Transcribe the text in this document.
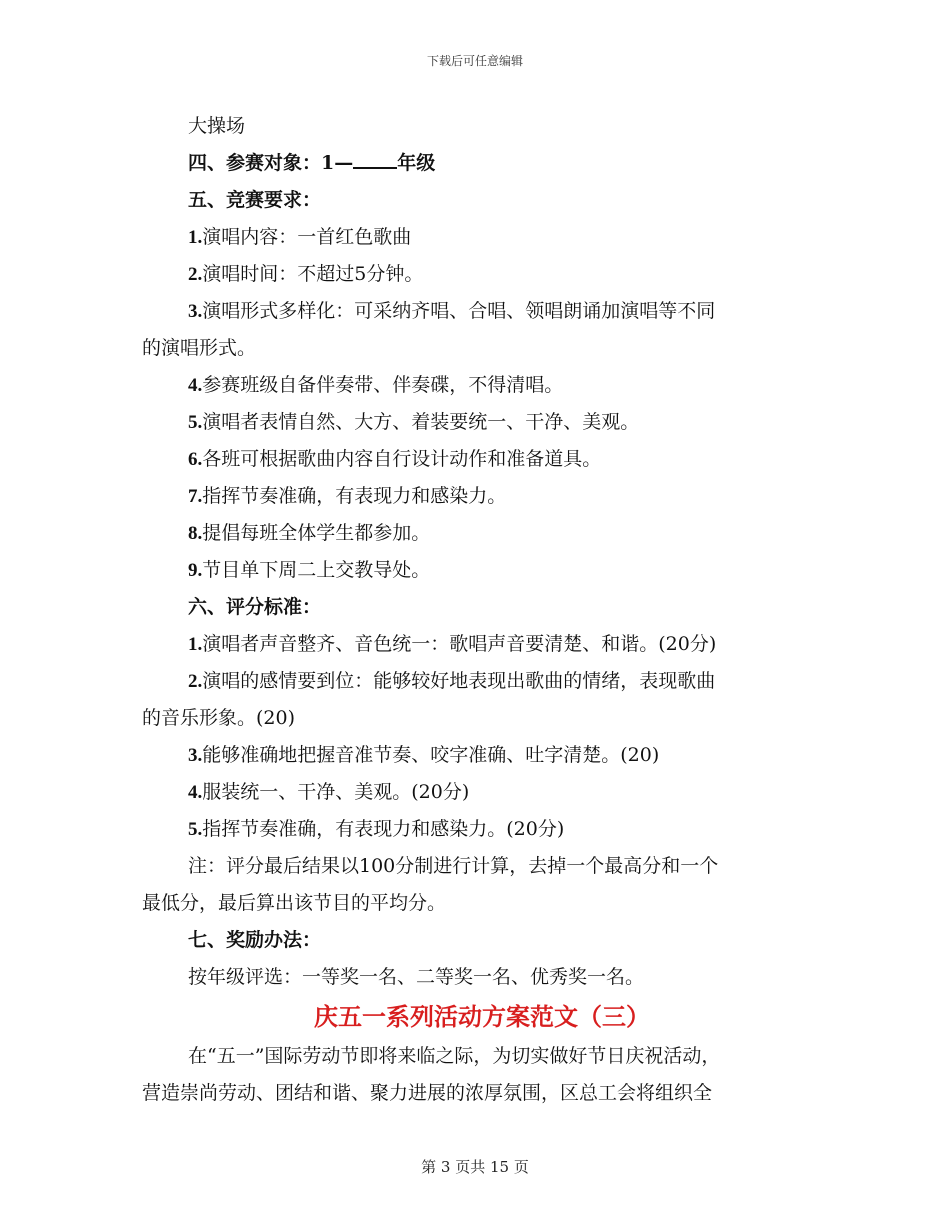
下载后可任意编辑
大操场
四、参赛对象：1— 年级
五、竞赛要求：
1.演唱内容：一首红色歌曲
2.演唱时间：不超过5分钟。
3.演唱形式多样化：可采纳齐唱、合唱、领唱朗诵加演唱等不同
的演唱形式。
4.参赛班级自备伴奏带、伴奏碟，不得清唱。
5.演唱者表情自然、大方、着装要统一、干净、美观。
6.各班可根据歌曲内容自行设计动作和准备道具。
7.指挥节奏准确，有表现力和感染力。
8.提倡每班全体学生都参加。
9.节目单下周二上交教导处。
六、评分标准：
1.演唱者声音整齐、音色统一：歌唱声音要清楚、和谐。(20分)
2.演唱的感情要到位：能够较好地表现出歌曲的情绪，表现歌曲
的音乐形象。(20)
3.能够准确地把握音准节奏、咬字准确、吐字清楚。(20)
4.服装统一、干净、美观。(20分)
5.指挥节奏准确，有表现力和感染力。(20分)
注：评分最后结果以100分制进行计算，去掉一个最高分和一个
最低分，最后算出该节目的平均分。
七、奖励办法：
按年级评选：一等奖一名、二等奖一名、优秀奖一名。
庆五一系列活动方案范文（三）
在“五一”国际劳动节即将来临之际，为切实做好节日庆祝活动，
营造崇尚劳动、团结和谐、聚力进展的浓厚氛围，区总工会将组织全
第 3 页共 15 页
